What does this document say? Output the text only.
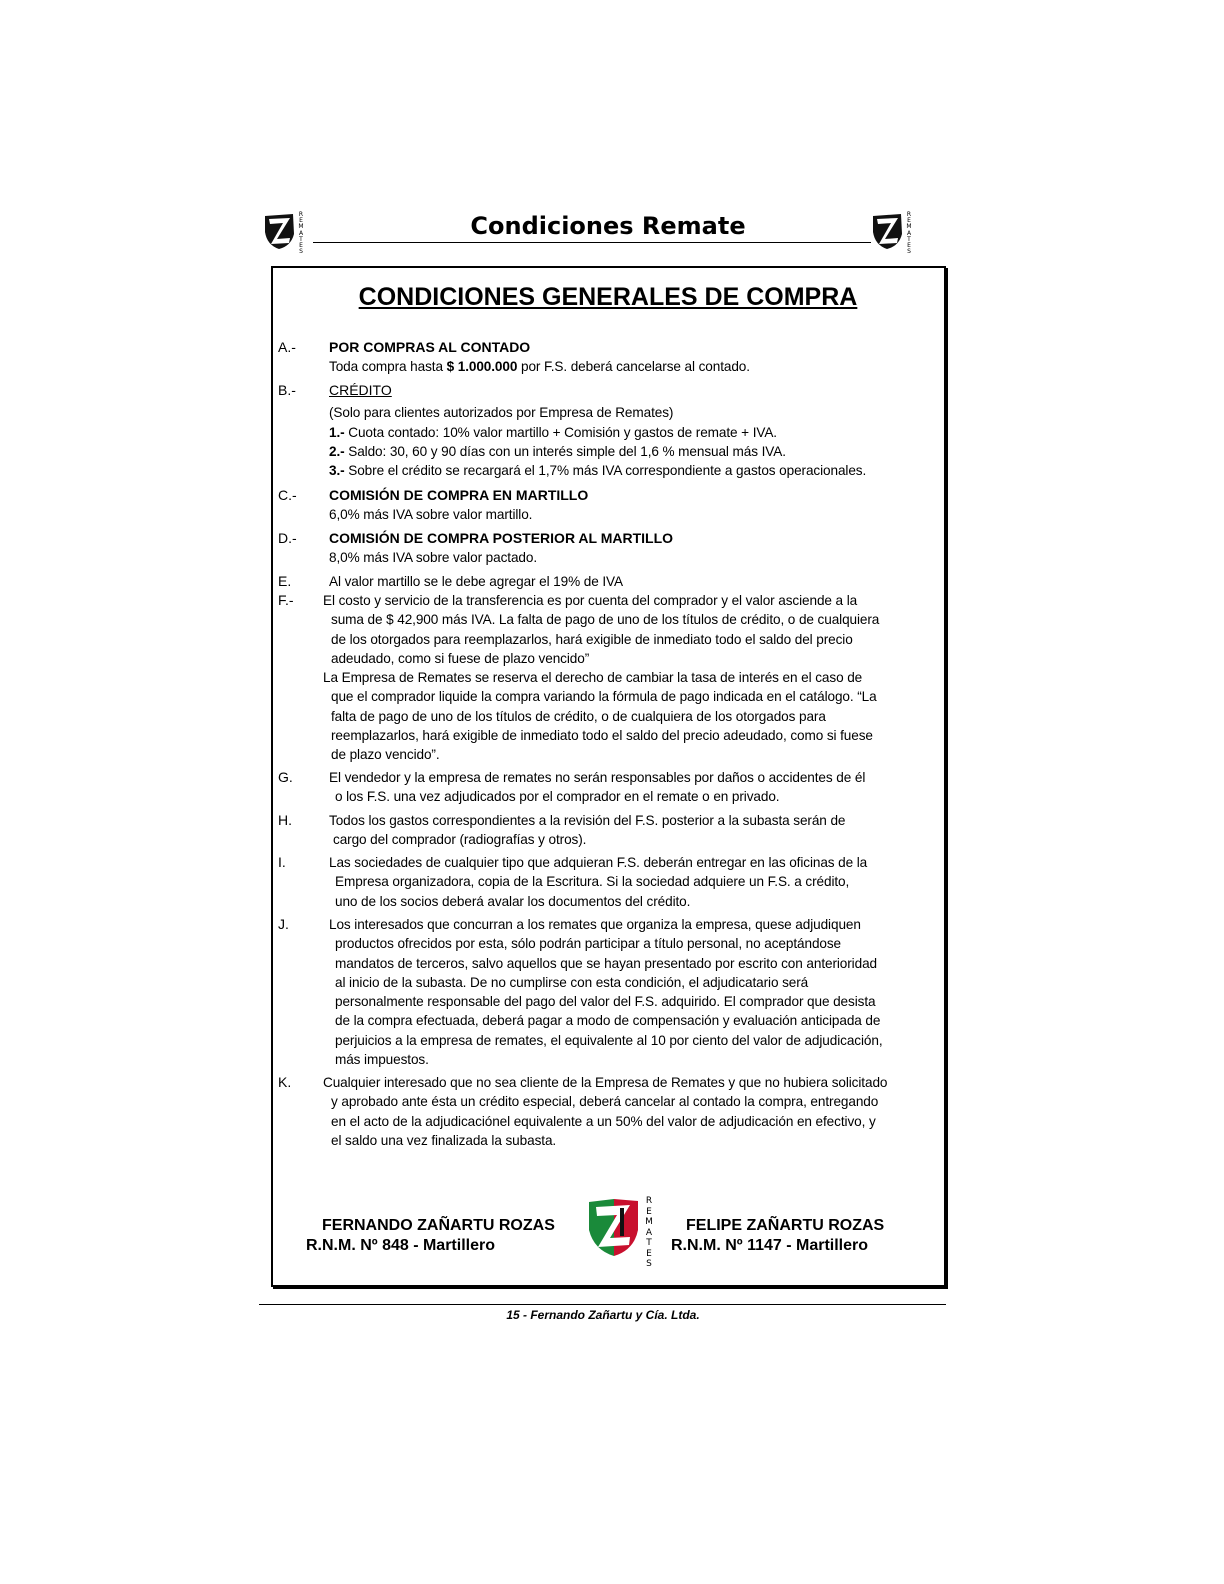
R
E
M
A
T
E
S
Condiciones Remate	R
E
M
A
T
E
S
CONDICIONES GENERALES DE COMPRA
A.- POR COMPRAS AL CONTADO
Toda compra hasta $ 1.000.000 por F.S. deberá cancelarse al contado.
B.- CRÉDITO
(Solo para clientes autorizados por Empresa de Remates)
1.- Cuota contado: 10% valor martillo + Comisión y gastos de remate + IVA.
2.- Saldo: 30, 60 y 90 días con un interés simple del 1,6 % mensual más IVA.
3.- Sobre el crédito se recargará el 1,7% más IVA correspondiente a gastos operacionales.
C.- COMISIÓN DE COMPRA EN MARTILLO
6,0% más IVA sobre valor martillo.
D.- COMISIÓN DE COMPRA POSTERIOR AL MARTILLO
8,0% más IVA sobre valor pactado.
E.	Al valor martillo se le debe agregar el 19% de IVA
F.- El costo y servicio de la transferencia es por cuenta del comprador y el valor asciende a la
suma de $ 42,900 más IVA. La falta de pago de uno de los títulos de crédito, o de cualquiera
de los otorgados para reemplazarlos, hará exigible de inmediato todo el saldo del precio
adeudado, como si fuese de plazo vencido”
La Empresa de Remates se reserva el derecho de cambiar la tasa de interés en el caso de
que el comprador liquide la compra variando la fórmula de pago indicada en el catálogo. “La
falta de pago de uno de los títulos de crédito, o de cualquiera de los otorgados para
reemplazarlos, hará exigible de inmediato todo el saldo del precio adeudado, como si fuese
de plazo vencido”.
G.	El vendedor y la empresa de remates no serán responsables por daños o accidentes de él
o los F.S. una vez adjudicados por el comprador en el remate o en privado.
H.	Todos los gastos correspondientes a la revisión del F.S. posterior a la subasta serán de
cargo del comprador (radiografías y otros).
I.	Las sociedades de cualquier tipo que adquieran F.S. deberán entregar en las oficinas de la
Empresa organizadora, copia de la Escritura. Si la sociedad adquiere un F.S. a crédito,
uno de los socios deberá avalar los documentos del crédito.
J.	Los interesados que concurran a los remates que organiza la empresa, quese adjudiquen
productos ofrecidos por esta, sólo podrán participar a título personal, no aceptándose
mandatos de terceros, salvo aquellos que se hayan presentado por escrito con anterioridad
al inicio de la subasta. De no cumplirse con esta condición, el adjudicatario será
personalmente responsable del pago del valor del F.S. adquirido. El comprador que desista
de la compra efectuada, deberá pagar a modo de compensación y evaluación anticipada de
perjuicios a la empresa de remates, el equivalente al 10 por ciento del valor de adjudicación,
más impuestos.
K. Cualquier interesado que no sea cliente de la Empresa de Remates y que no hubiera solicitado
y aprobado ante ésta un crédito especial, deberá cancelar al contado la compra, entregando
en el acto de la adjudicaciónel equivalente a un 50% del valor de adjudicación en efectivo, y
el saldo una vez finalizada la subasta.
FERNANDO ZAÑARTU ROZAS
R.N.M. Nº 848 - Martillero
FELIPE ZAÑARTU ROZAS
R.N.M. Nº 1147 - Martillero
R
E
M
A
T
E
S
15 - Fernando Zañartu y Cía. Ltda.
